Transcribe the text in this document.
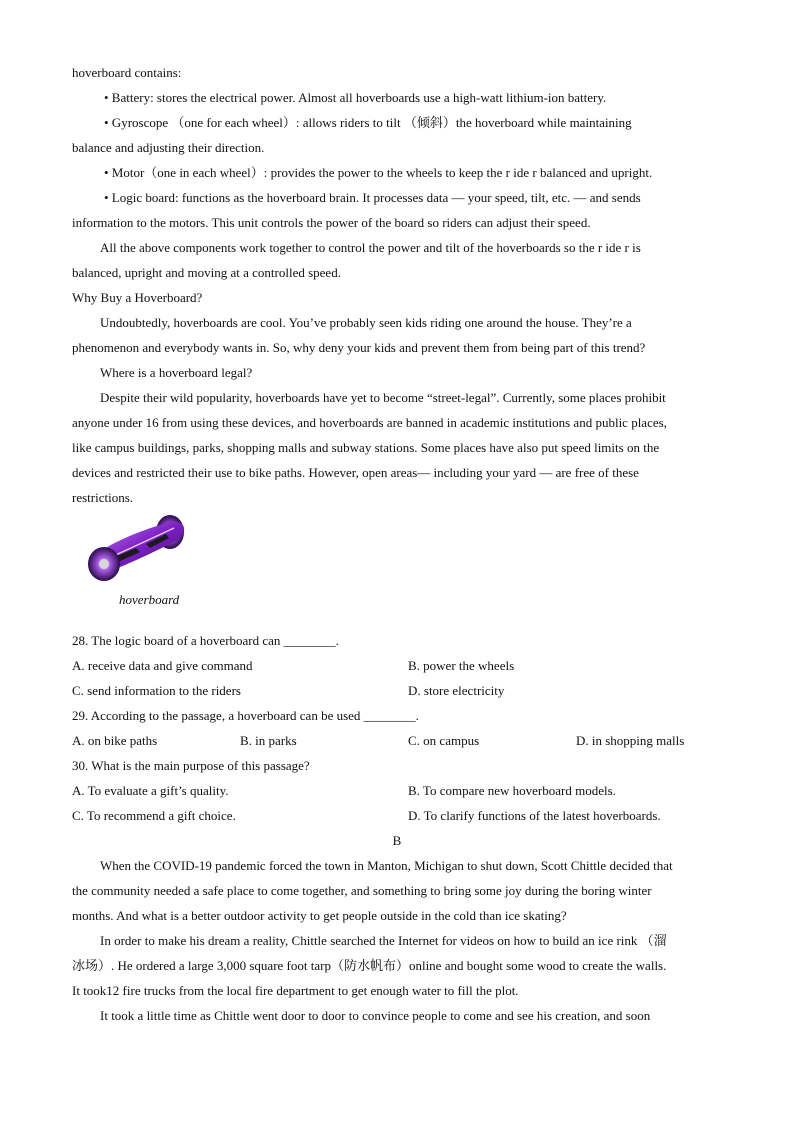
hoverboard contains:
• Battery: stores the electrical power. Almost all hoverboards use a high-watt lithium-ion battery.
• Gyroscope （one for each wheel）: allows riders to tilt （倾斜）the hoverboard while maintaining
balance and adjusting their direction.
• Motor（one in each wheel）: provides the power to the wheels to keep the r ide r balanced and upright.
• Logic board: functions as the hoverboard brain. It processes data — your speed, tilt, etc. — and sends
information to the motors. This unit controls the power of the board so riders can adjust their speed.
All the above components work together to control the power and tilt of the hoverboards so the r ide r is
balanced, upright and moving at a controlled speed.
Why Buy a Hoverboard?
Undoubtedly, hoverboards are cool. You’ve probably seen kids riding one around the house. They’re a
phenomenon and everybody wants in. So, why deny your kids and prevent them from being part of this trend?
Where is a hoverboard legal?
Despite their wild popularity, hoverboards have yet to become “street-legal”. Currently, some places prohibit
anyone under 16 from using these devices, and hoverboards are banned in academic institutions and public places,
like campus buildings, parks, shopping malls and subway stations. Some places have also put speed limits on the
devices and restricted their use to bike paths. However, open areas— including your yard — are free of these
restrictions.
hoverboard
28. The logic board of a hoverboard can ________.
A. receive data and give command	B. power the wheels
C. send information to the riders	D. store electricity
29. According to the passage, a hoverboard can be used ________.
A. on bike paths	B. in parks	C. on campus	D. in shopping malls
30. What is the main purpose of this passage?
A. To evaluate a gift’s quality.	B. To compare new hoverboard models.
C. To recommend a gift choice.	D. To clarify functions of the latest hoverboards.
B
When the COVID-19 pandemic forced the town in Manton, Michigan to shut down, Scott Chittle decided that
the community needed a safe place to come together, and something to bring some joy during the boring winter
months. And what is a better outdoor activity to get people outside in the cold than ice skating?
In order to make his dream a reality, Chittle searched the Internet for videos on how to build an ice rink （溜
冰场）. He ordered a large 3,000 square foot tarp（防水帆布）online and bought some wood to create the walls.
It took12 fire trucks from the local fire department to get enough water to fill the plot.
It took a little time as Chittle went door to door to convince people to come and see his creation, and soon
